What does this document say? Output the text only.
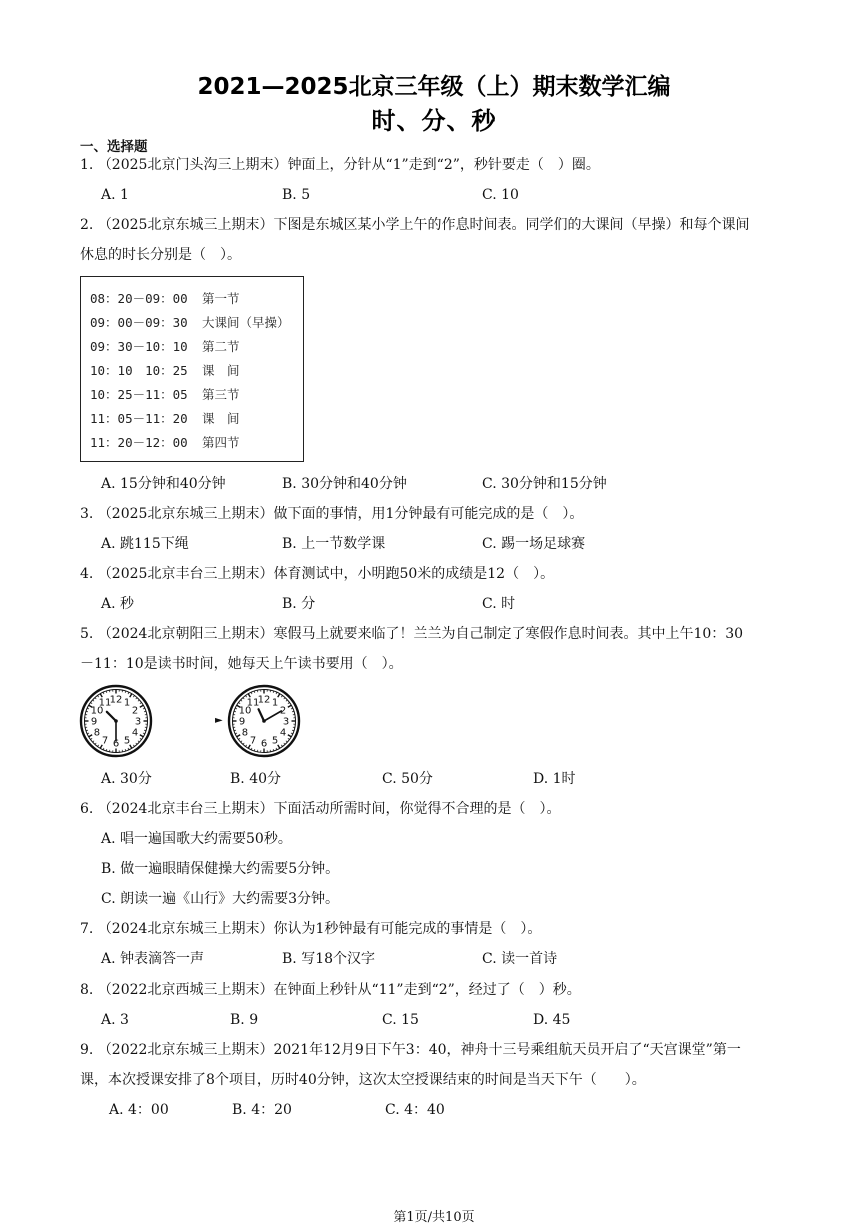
2021—2025北京三年级（上）期末数学汇编
时、分、秒
一、选择题
1. （2025北京门头沟三上期末）钟面上，分针从“1”走到“2”，秒针要走（　）圈。
A. 1	B. 5	C. 10
2. （2025北京东城三上期末）下图是东城区某小学上午的作息时间表。同学们的大课间（早操）和每个课间
休息的时长分别是（　）。
08：20－09：00 第一节
09：00－09：30 大课间（早操）
09：30－10：10 第二节
10：10　10：25 课　间
10：25－11：05 第三节
11：05－11：20 课　间
11：20－12：00 第四节
A. 15分钟和40分钟	B. 30分钟和40分钟	C. 30分钟和15分钟
3. （2025北京东城三上期末）做下面的事情，用1分钟最有可能完成的是（　）。
A. 跳115下绳	B. 上一节数学课	C. 踢一场足球赛
4. （2025北京丰台三上期末）体育测试中，小明跑50米的成绩是12（　）。
A. 秒	B. 分	C. 时
5. （2024北京朝阳三上期末）寒假马上就要来临了！兰兰为自己制定了寒假作息时间表。其中上午10：30
－11：10是读书时间，她每天上午读书要用（　）。
1
2
3
4
5
6
7
8
9
10
11
12
►
1
2
3
4
5
6
7
8
9
10
11
12
A. 30分	B. 40分	C. 50分	D. 1时
6. （2024北京丰台三上期末）下面活动所需时间，你觉得不合理的是（　）。
A. 唱一遍国歌大约需要50秒。
B. 做一遍眼睛保健操大约需要5分钟。
C. 朗读一遍《山行》大约需要3分钟。
7. （2024北京东城三上期末）你认为1秒钟最有可能完成的事情是（　）。
A. 钟表滴答一声	B. 写18个汉字	C. 读一首诗
8. （2022北京西城三上期末）在钟面上秒针从“11”走到“2”，经过了（　）秒。
A. 3	B. 9	C. 15	D. 45
9. （2022北京东城三上期末）2021年12月9日下午3：40，神舟十三号乘组航天员开启了“天宫课堂”第一
课，本次授课安排了8个项目，历时40分钟，这次太空授课结束的时间是当天下午（　　）。
A. 4：00	B. 4：20	C. 4：40
第1页/共10页
